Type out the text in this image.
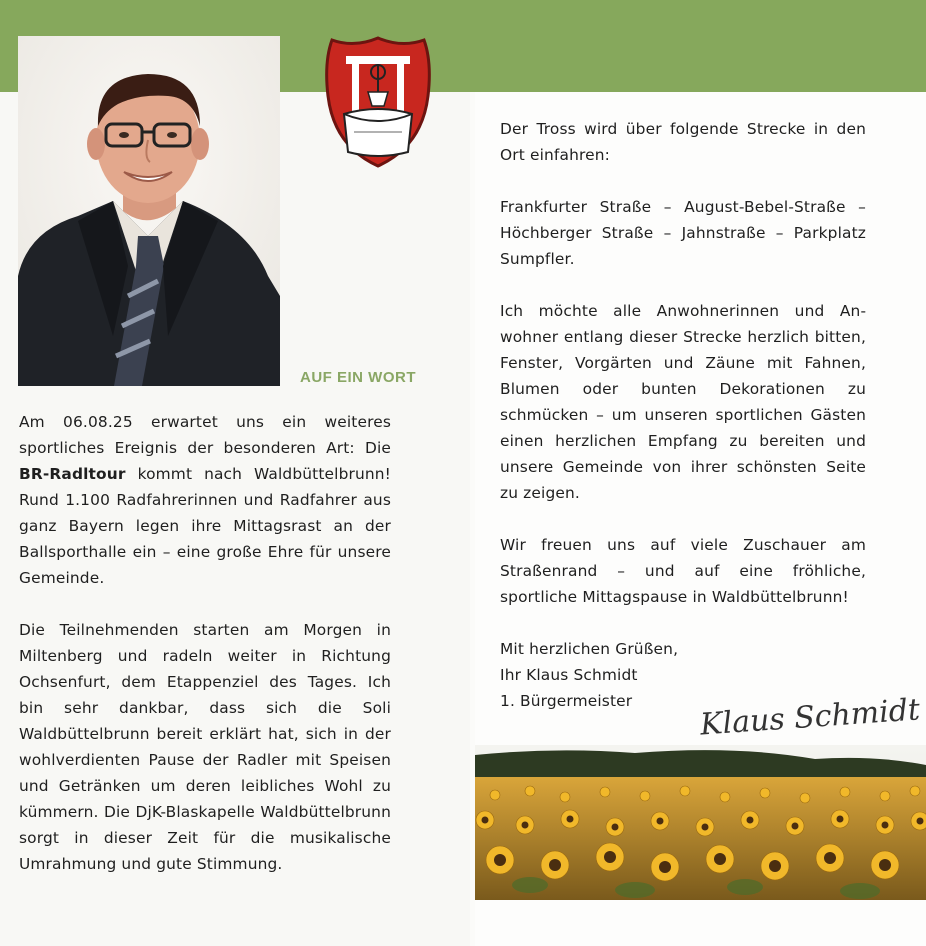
AUF EIN WORT

Am 06.08.25 erwartet uns ein weiteres sportliches Ereignis der besonderen Art: Die BR-Radltour kommt nach Waldbüttelbrunn! Rund 1.100 Radfahrerinnen und Radfahrer aus ganz Bayern legen ihre Mittagsrast an der Ballsporthalle ein – eine große Ehre für unsere Gemeinde.

Die Teilnehmenden starten am Morgen in Miltenberg und radeln weiter in Richtung Ochsenfurt, dem Etappenziel des Tages. Ich bin sehr dankbar, dass sich die Soli Waldbüttelbrunn bereit erklärt hat, sich in der wohlverdienten Pause der Radler mit Speisen und Getränken um deren leibliches Wohl zu kümmern. Die DjK-Blaskapelle Waldbüttelbrunn sorgt in dieser Zeit für die musikalische Umrahmung und gute Stimmung.

Der Tross wird über folgende Strecke in den Ort einfahren:

Frankfurter Straße – August-Bebel-Straße – Höchberger Straße – Jahnstraße – Parkplatz Sumpfler.

Ich möchte alle Anwohnerinnen und Anwohner entlang dieser Strecke herzlich bitten, Fenster, Vorgärten und Zäune mit Fahnen, Blumen oder bunten Dekorationen zu schmücken – um unseren sportlichen Gästen einen herzlichen Empfang zu bereiten und unsere Gemeinde von ihrer schönsten Seite zu zeigen.

Wir freuen uns auf viele Zuschauer am Straßenrand – und auf eine fröhliche, sportliche Mittagspause in Waldbüttelbrunn!

Mit herzlichen Grüßen,
Ihr Klaus Schmidt
1. Bürgermeister	Klaus Schmidt
